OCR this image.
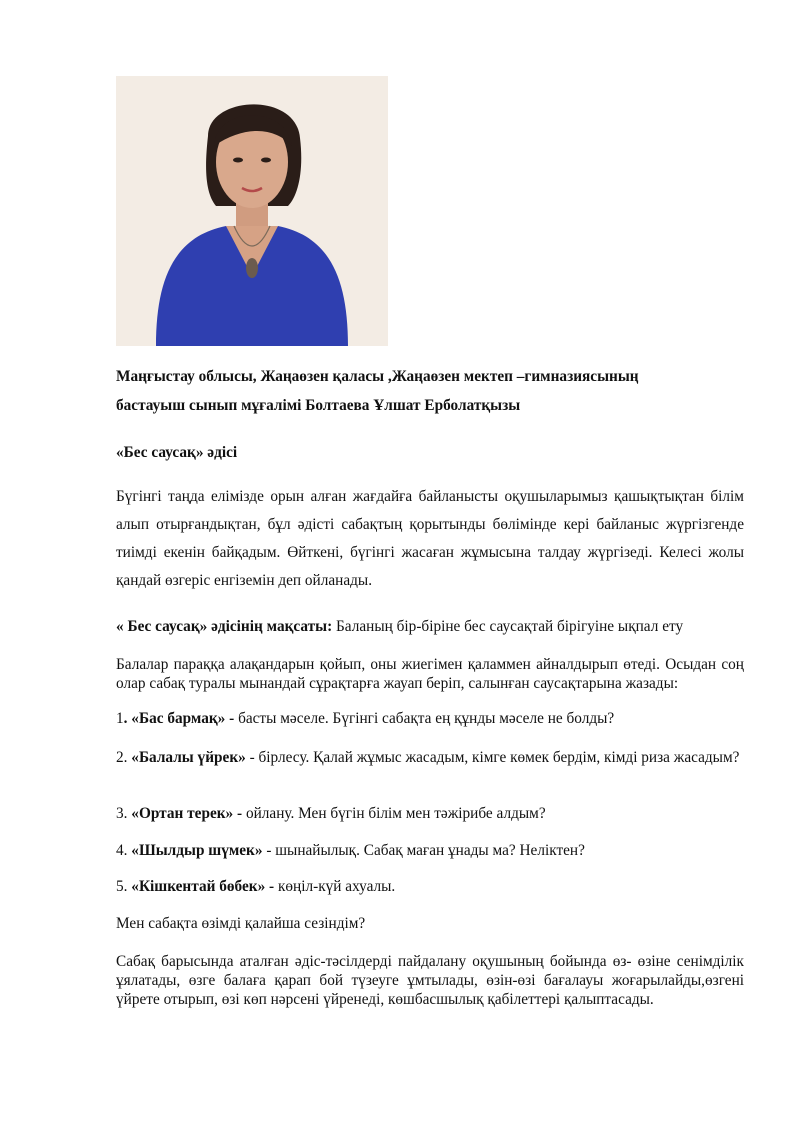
Маңғыстау облысы, Жаңаөзен қаласы ,Жаңаөзен мектеп –гимназиясының

бастауыш сынып мұғалімі Болтаева Ұлшат Ерболатқызы

«Бес саусақ» әдісі
Бүгінгі таңда елімізде орын алған жағдайға байланысты оқушыларымыз қашықтықтан білім алып отырғандықтан, бұл әдісті сабақтың қорытынды бөлімінде кері байланыс жүргізгенде тиімді екенін байқадым. Өйткені, бүгінгі жасаған жұмысына талдау жүргізеді. Келесі жолы қандай өзгеріс енгіземін деп ойланады.
« Бес саусақ» әдісінің мақсаты: Баланың бір-біріне бес саусақтай бірігуіне ықпал ету
Балалар параққа алақандарын қойып, оны жиегімен қаламмен айналдырып өтеді. Осыдан соң олар сабақ туралы мынандай сұрақтарға жауап беріп, салынған саусақтарына жазады:
1. «Бас бармақ» - басты мәселе. Бүгінгі сабақта ең құнды мәселе не болды?
2. «Балалы үйрек» - бірлесу. Қалай жұмыс жасадым, кімге көмек бердім, кімді риза жасадым?
3. «Ортан терек» - ойлану. Мен бүгін білім мен тәжірибе алдым?
4. «Шылдыр шүмек» - шынайылық. Сабақ маған ұнады ма? Неліктен?
5. «Кішкентай бөбек» - көңіл-күй ахуалы.
Мен сабақта өзімді қалайша сезіндім?
Сабақ барысында аталған әдіс-тәсілдерді пайдалану оқушының бойында өз- өзіне сенімділік ұялатады, өзге балаға қарап бой түзеуге ұмтылады, өзін-өзі бағалауы жоғарылайды,өзгені үйрете отырып, өзі көп нәрсені үйренеді, көшбасшылық қабілеттері қалыптасады.
